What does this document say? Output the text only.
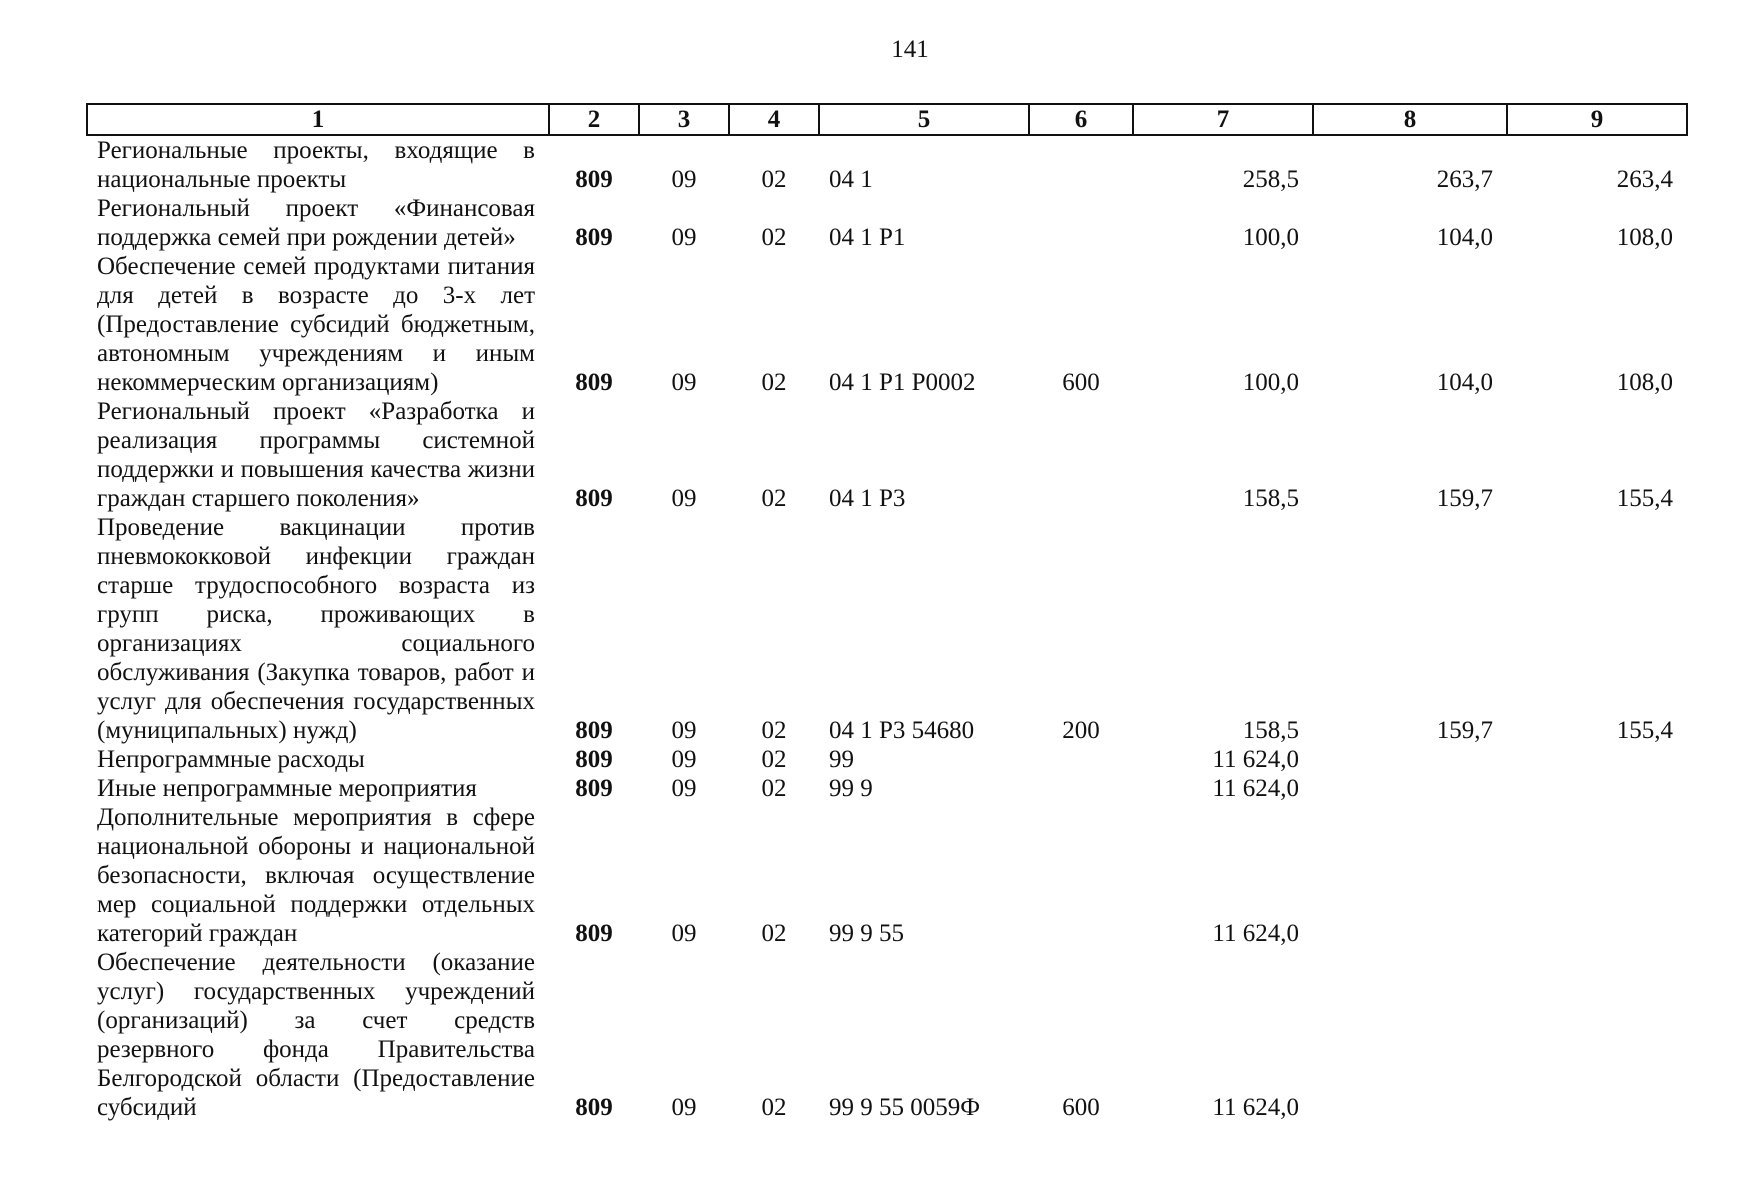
141
1	2	3	4	5	6	7	8	9
Региональные проекты, входящие в национальные проекты	809	09	02	04 1		258,5	263,7	263,4
Региональный проект «Финансовая поддержка семей при рождении детей»	809	09	02	04 1 P1		100,0	104,0	108,0
Обеспечение семей продуктами питания для детей в возрасте до 3-х лет (Предоставление субсидий бюджетным, автономным учреждениям и иным некоммерческим организациям)	809	09	02	04 1 P1 P0002	600	100,0	104,0	108,0
Региональный проект «Разработка и реализация программы системной поддержки и повышения качества жизни граждан старшего поколения»	809	09	02	04 1 P3		158,5	159,7	155,4
Проведение вакцинации против пневмококковой инфекции граждан старше трудоспособного возраста из групп риска, проживающих в организациях социального обслуживания (Закупка товаров, работ и услуг для обеспечения государственных (муниципальных) нужд)	809	09	02	04 1 P3 54680	200	158,5	159,7	155,4
Непрограммные расходы	809	09	02	99		11 624,0		
Иные непрограммные мероприятия	809	09	02	99 9		11 624,0		
Дополнительные мероприятия в сфере национальной обороны и национальной безопасности, включая осуществление мер социальной поддержки отдельных категорий граждан	809	09	02	99 9 55		11 624,0		
Обеспечение деятельности (оказание услуг) государственных учреждений (организаций) за счет средств резервного фонда Правительства Белгородской области (Предоставление субсидий	809	09	02	99 9 55 0059Ф	600	11 624,0		
